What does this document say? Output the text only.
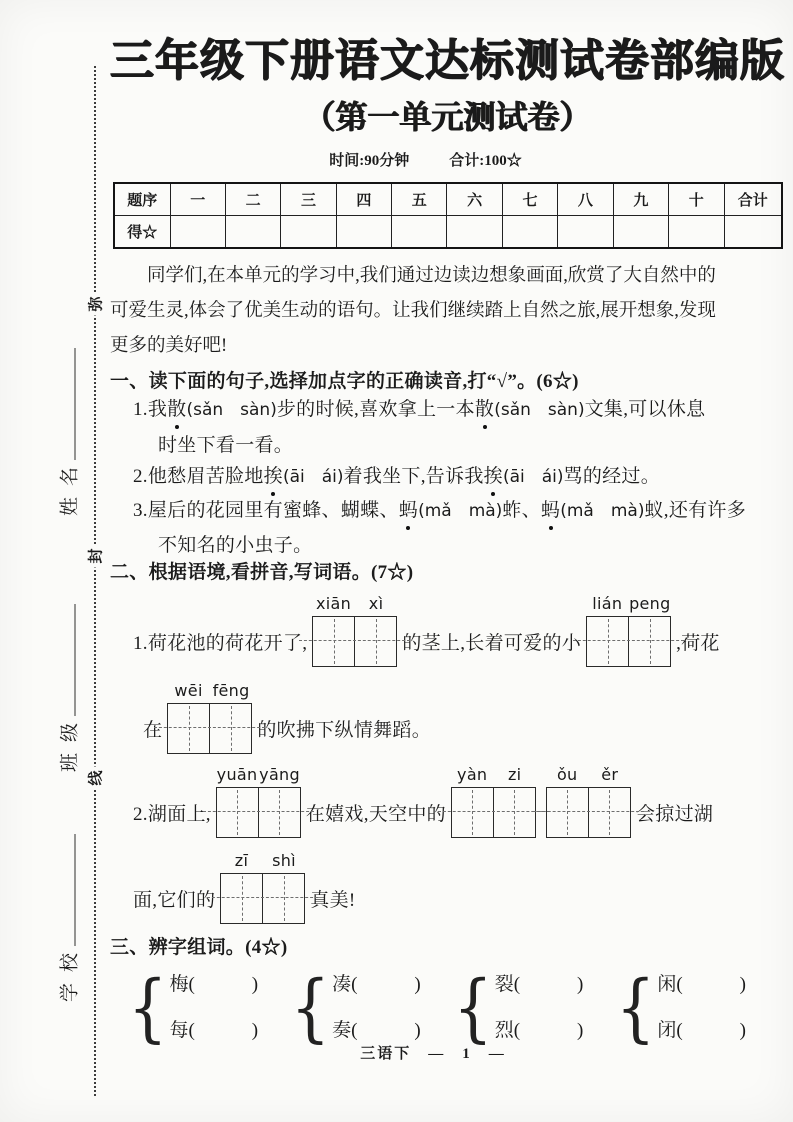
弥
封
线
姓名
班级
学校
三年级下册语文达标测试卷部编版
（第一单元测试卷）
时间:90分钟	合计:100☆
题序	一	二	三	四	五	六	七	八	九	十	合计
得☆											
同学们,在本单元的学习中,我们通过边读边想象画面,欣赏了大自然中的
可爱生灵,体会了优美生动的语句。让我们继续踏上自然之旅,展开想象,发现
更多的美好吧!
一、读下面的句子,选择加点字的正确读音,打“√”。(6☆)
1.我散(sǎn　sàn)步的时候,喜欢拿上一本散(sǎn　sàn)文集,可以休息
时坐下看一看。
2.他愁眉苦脸地挨(āi　ái)着我坐下,告诉我挨(āi　ái)骂的经过。
3.屋后的花园里有蜜蜂、蝴蝶、蚂(mǎ　mà)蚱、蚂(mǎ　mà)蚁,还有许多
不知名的小虫子。
二、根据语境,看拼音,写词语。(7☆)
1.荷花池的荷花开了,
xiān	xì
的茎上,长着可爱的小
lián peng
,荷花
在
wēi fēng
的吹拂下纵情舞蹈。
2.湖面上,
yuān yāng
在嬉戏,天空中的
yàn	zi	ǒu	ěr
会掠过湖
面,它们的
zī	shì
真美!
三、辨字组词。(4☆)
{ 梅(　　　)
每(　　　) { 凑(　　　)
奏(　　　) { 裂(　　　)
烈(　　　) { 闲(　　　)
闭(　　　)
三语下　—　1　—
